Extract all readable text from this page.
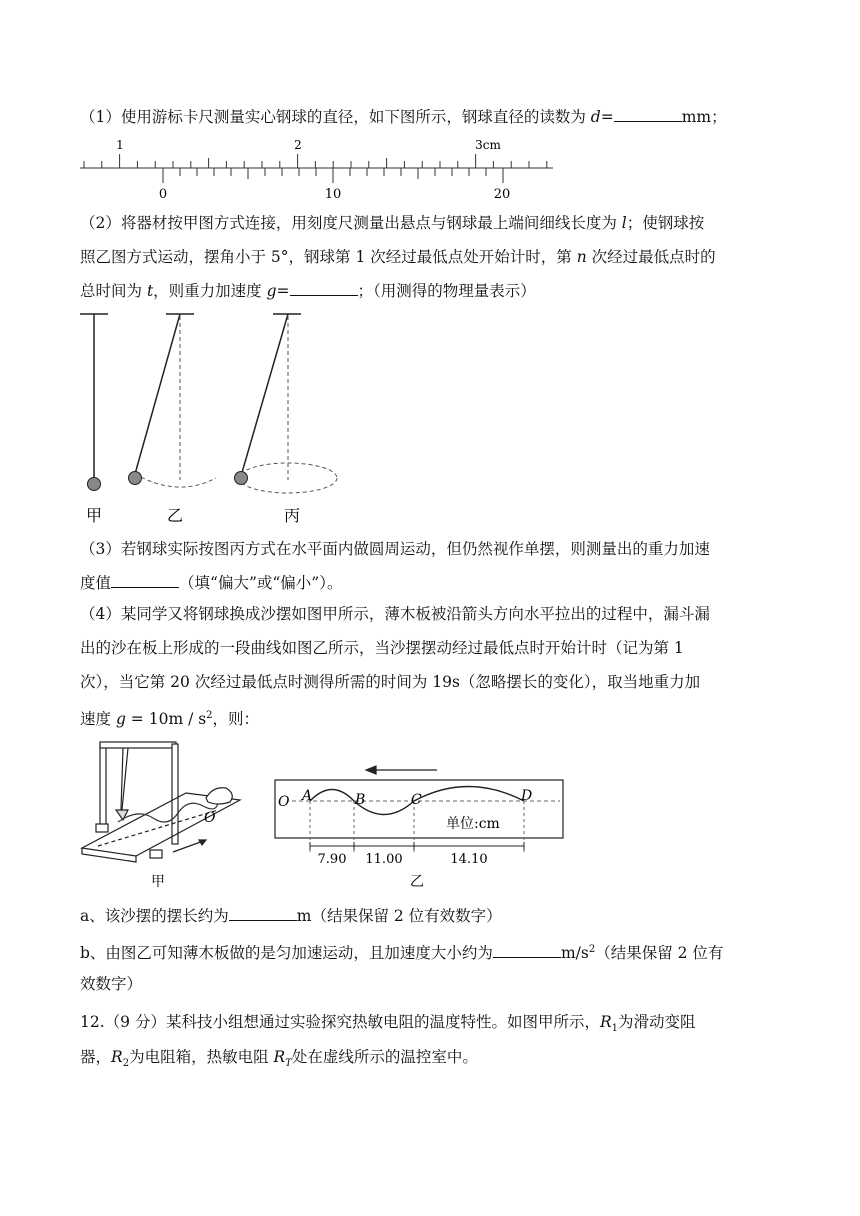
（1）使用游标卡尺测量实心钢球的直径，如下图所示，钢球直径的读数为 d=	mm；
1	2	3cm
0	10	20
（2）将器材按甲图方式连接，用刻度尺测量出悬点与钢球最上端间细线长度为 l；使钢球按
照乙图方式运动，摆角小于 5°，钢球第 1 次经过最低点处开始计时，第 n 次经过最低点时的
总时间为 t，则重力加速度 g=	；（用测得的物理量表示）
甲	乙	丙
（3）若钢球实际按图丙方式在水平面内做圆周运动，但仍然视作单摆，则测量出的重力加速
度值	（填“偏大”或“偏小”）。
（4）某同学又将钢球换成沙摆如图甲所示，薄木板被沿箭头方向水平拉出的过程中，漏斗漏
出的沙在板上形成的一段曲线如图乙所示，当沙摆摆动经过最低点时开始计时（记为第 1
次），当它第 20 次经过最低点时测得所需的时间为 19s（忽略摆长的变化），取当地重力加
速度 $g = 10m / s^2$，则：
O
甲
O A	B	C	D
单位:cm
7.90 11.00	14.10
乙
a、该沙摆的摆长约为	m（结果保留 2 位有效数字）
b、由图乙可知薄木板做的是匀加速运动，且加速度大小约为	$m/s^2$（结果保留 2 位有
效数字）
12.（9 分）某科技小组想通过实验探究热敏电阻的温度特性。如图甲所示，$R_1$为滑动变阻
器，$R_2$为电阻箱，热敏电阻 $R_T$处在虚线所示的温控室中。
